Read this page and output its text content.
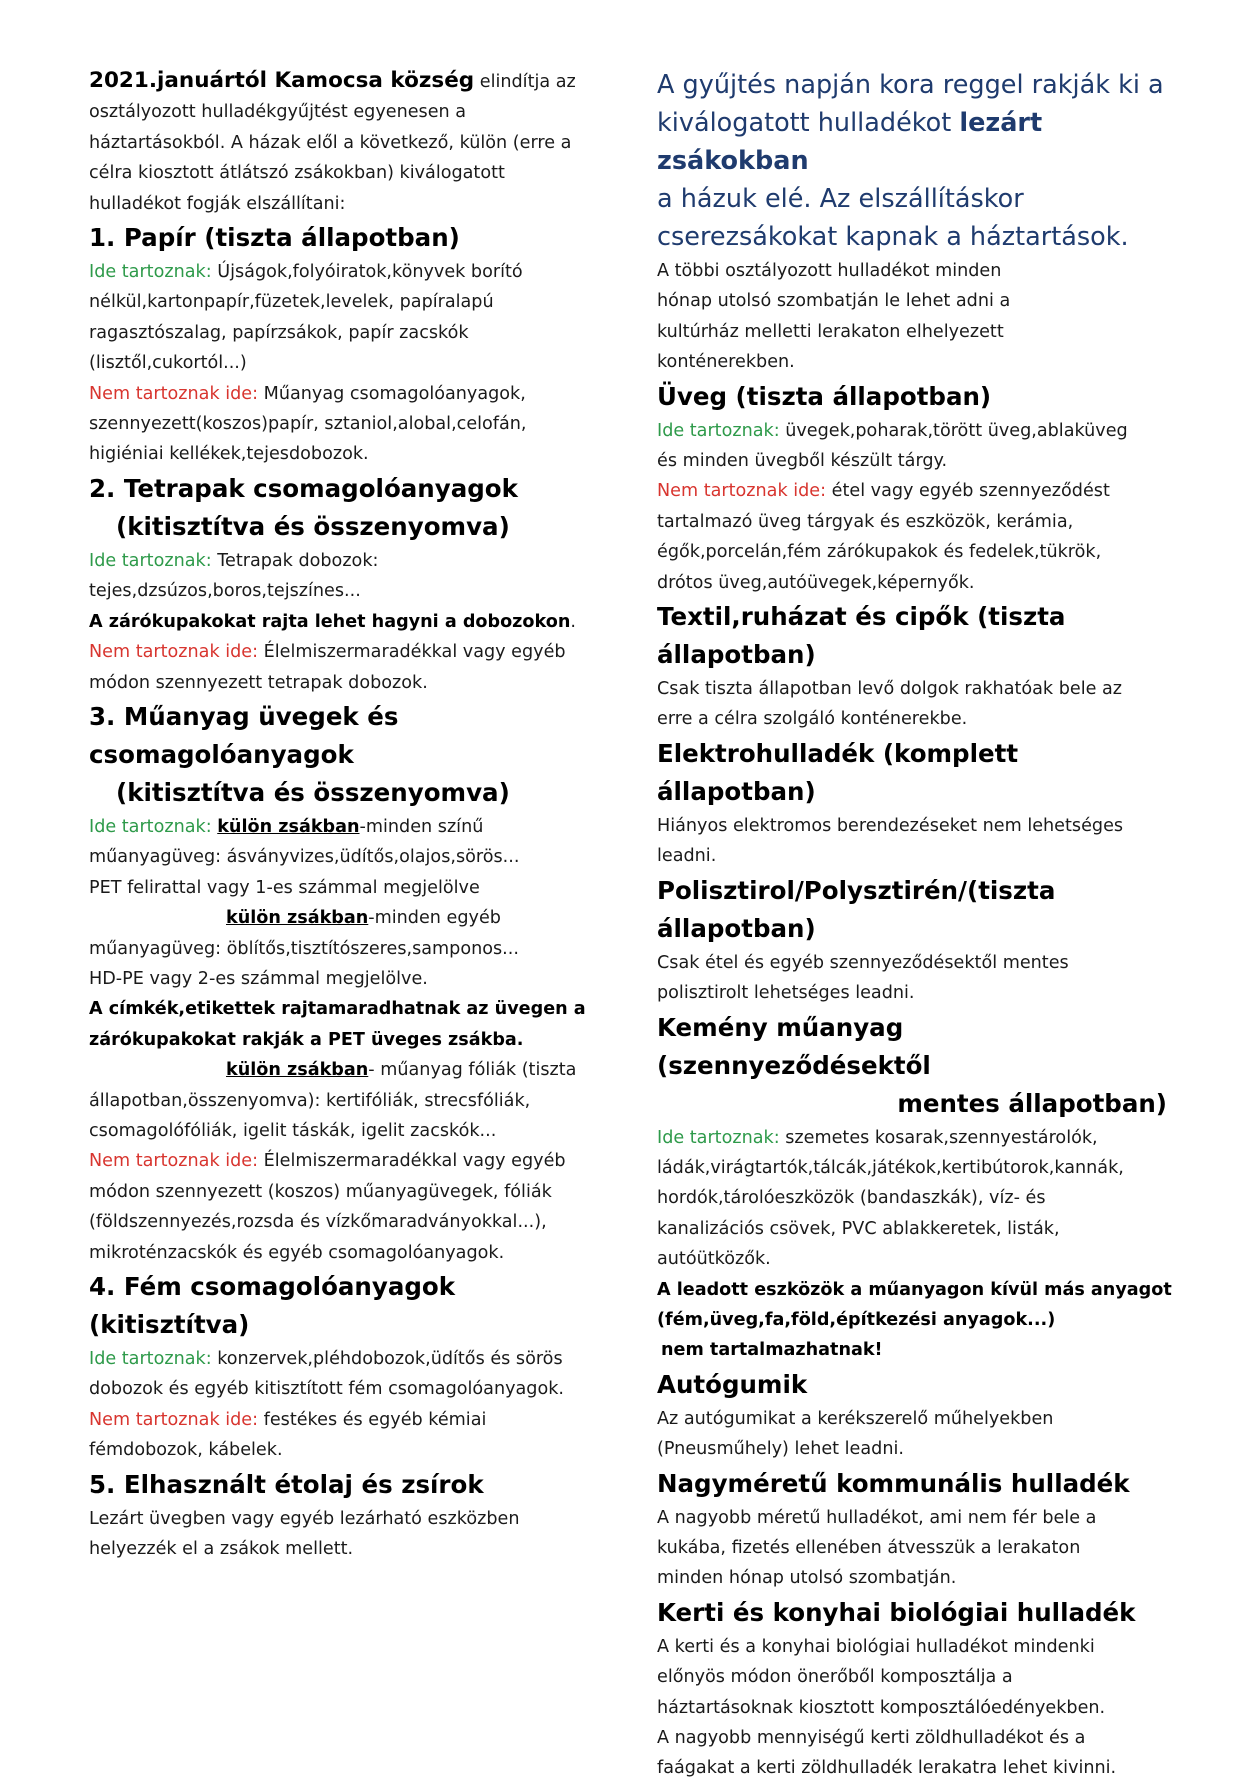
2021.januártól Kamocsa község elindítja az

osztályozott hulladékgyűjtést egyenesen a

háztartásokból. A házak elől a következő, külön (erre a

célra kiosztott átlátszó zsákokban) kiválogatott

hulladékot fogják elszállítani:

1. Papír (tiszta állapotban)

Ide tartoznak: Újságok,folyóiratok,könyvek borító

nélkül,kartonpapír,füzetek,levelek, papíralapú

ragasztószalag, papírzsákok, papír zacskók

(lisztől,cukortól...)

Nem tartoznak ide: Műanyag csomagolóanyagok,

szennyezett(koszos)papír, sztaniol,alobal,celofán,

higiéniai kellékek,tejesdobozok.

2. Tetrapak csomagolóanyagok
(kitisztítva és összenyomva)

Ide tartoznak: Tetrapak dobozok:

tejes,dzsúzos,boros,tejszínes...

A zárókupakokat rajta lehet hagyni a dobozokon.

Nem tartoznak ide: Élelmiszermaradékkal vagy egyéb

módon szennyezett tetrapak dobozok.

3. Műanyag üvegek és csomagolóanyagok
(kitisztítva és összenyomva)

Ide tartoznak: külön zsákban-minden színű

műanyagüveg: ásványvizes,üdítős,olajos,sörös...

PET felirattal vagy 1-es számmal megjelölve

külön zsákban-minden egyéb

műanyagüveg: öblítős,tisztítószeres,samponos...

HD-PE vagy 2-es számmal megjelölve.

A címkék,etikettek rajtamaradhatnak az üvegen a

zárókupakokat rakják a PET üveges zsákba.

külön zsákban- műanyag fóliák (tiszta

állapotban,összenyomva): kertifóliák, strecsfóliák,

csomagolófóliák, igelit táskák, igelit zacskók...

Nem tartoznak ide: Élelmiszermaradékkal vagy egyéb

módon szennyezett (koszos) műanyagüvegek, fóliák

(földszennyezés,rozsda és vízkőmaradványokkal...),

mikroténzacskók és egyéb csomagolóanyagok.

4. Fém csomagolóanyagok (kitisztítva)

Ide tartoznak: konzervek,pléhdobozok,üdítős és sörös

dobozok és egyéb kitisztított fém csomagolóanyagok.

Nem tartoznak ide: festékes és egyéb kémiai

fémdobozok, kábelek.

5. Elhasznált étolaj és zsírok

Lezárt üvegben vagy egyéb lezárható eszközben

helyezzék el a zsákok mellett.

A gyűjtés napján kora reggel rakják ki a

kiválogatott hulladékot lezárt zsákokban

a házuk elé. Az elszállításkor

cserezsákokat kapnak a háztartások.

A többi osztályozott hulladékot minden

hónap utolsó szombatján le lehet adni a

kultúrház melletti lerakaton elhelyezett

konténerekben.

Üveg (tiszta állapotban)

Ide tartoznak: üvegek,poharak,törött üveg,ablaküveg

és minden üvegből készült tárgy.

Nem tartoznak ide: étel vagy egyéb szennyeződést

tartalmazó üveg tárgyak és eszközök, kerámia,

égők,porcelán,fém zárókupakok és fedelek,tükrök,

drótos üveg,autóüvegek,képernyők.

Textil,ruházat és cipők (tiszta állapotban)

Csak tiszta állapotban levő dolgok rakhatóak bele az

erre a célra szolgáló konténerekbe.

Elektrohulladék (komplett állapotban)

Hiányos elektromos berendezéseket nem lehetséges

leadni.

Polisztirol/Polysztirén/(tiszta állapotban)

Csak étel és egyéb szennyeződésektől mentes

polisztirolt lehetséges leadni.

Kemény műanyag (szennyeződésektől
mentes állapotban)

Ide tartoznak: szemetes kosarak,szennyestárolók,

ládák,virágtartók,tálcák,játékok,kertibútorok,kannák,

hordók,tárolóeszközök (bandaszkák), víz- és

kanalizációs csövek, PVC ablakkeretek, listák,

autóütközők.

A leadott eszközök a műanyagon kívül más anyagot

(fém,üveg,fa,föld,építkezési anyagok...)

nem tartalmazhatnak!

Autógumik

Az autógumikat a kerékszerelő műhelyekben

(Pneusműhely) lehet leadni.

Nagyméretű kommunális hulladék

A nagyobb méretű hulladékot, ami nem fér bele a

kukába, fizetés ellenében átvesszük a lerakaton

minden hónap utolsó szombatján.

Kerti és konyhai biológiai hulladék

A kerti és a konyhai biológiai hulladékot mindenki

előnyös módon önerőből komposztálja a

háztartásoknak kiosztott komposztálóedényekben.

A nagyobb mennyiségű kerti zöldhulladékot és a

faágakat a kerti zöldhulladék lerakatra lehet kivinni.
